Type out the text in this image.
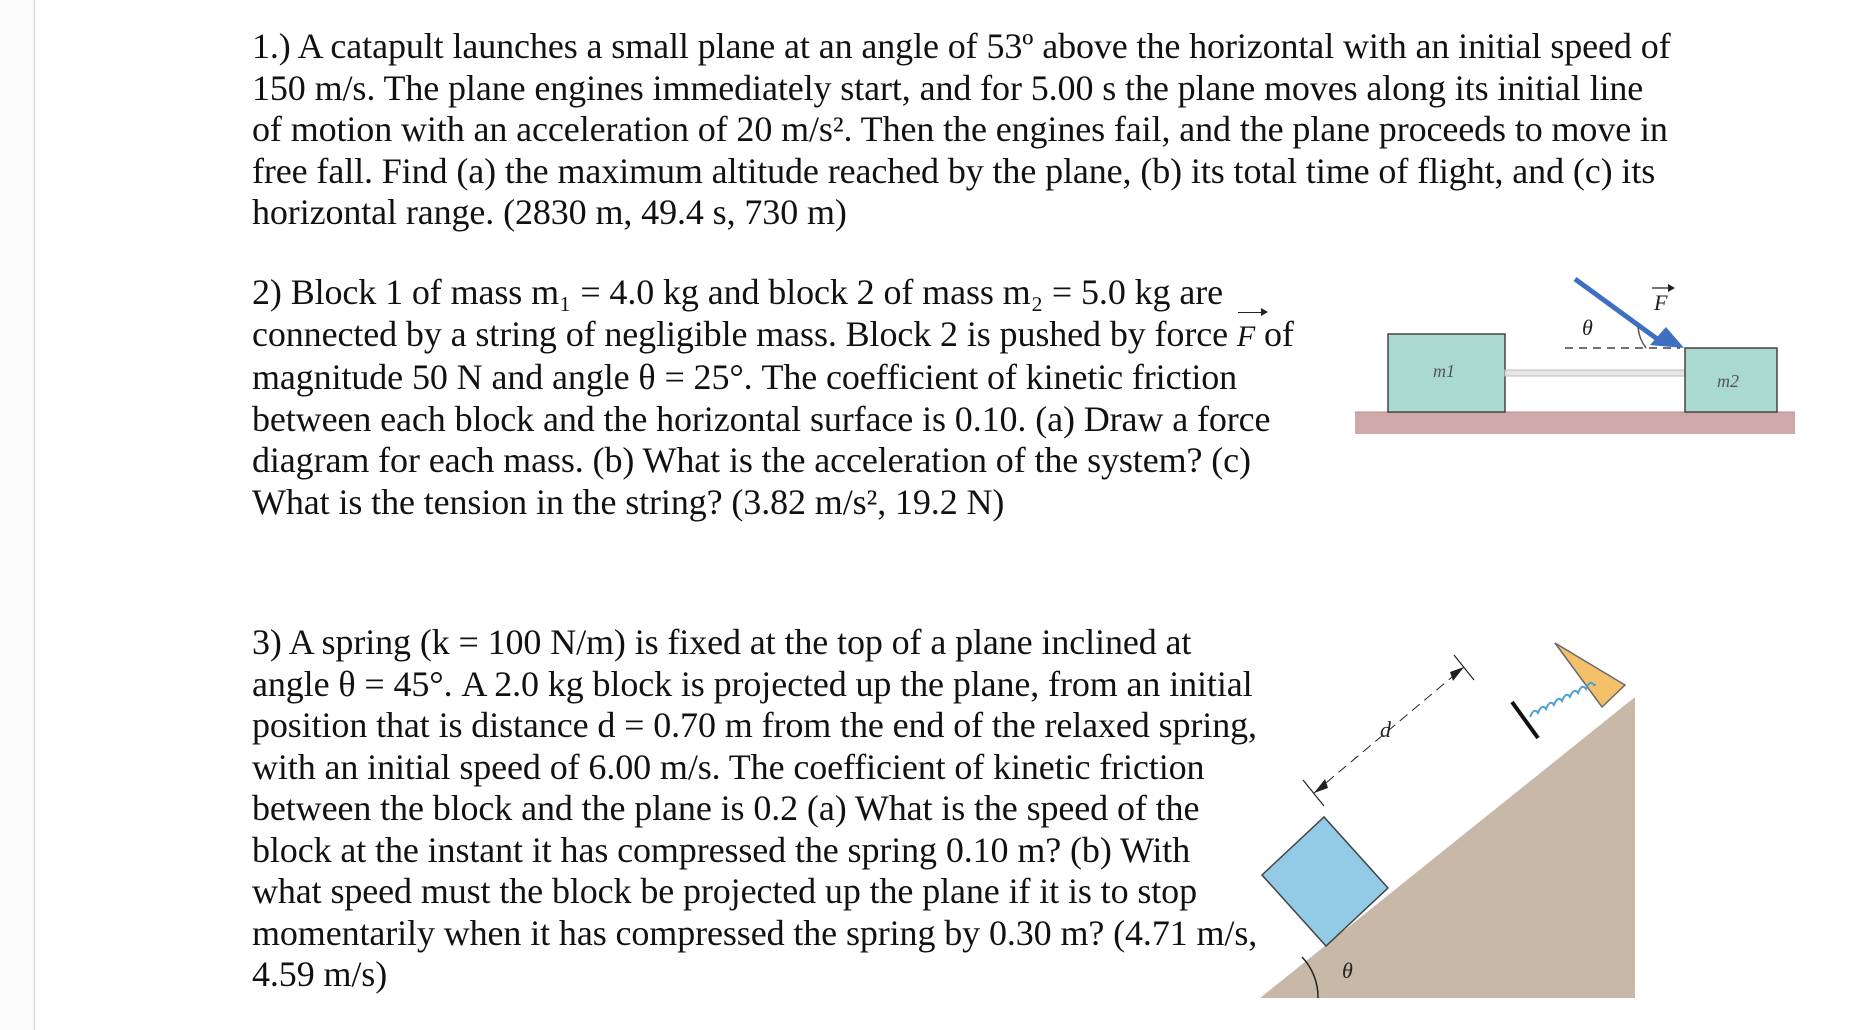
1.) A catapult launches a small plane at an angle of 53º above the horizontal with an initial speed of 150 m/s. The plane engines immediately start, and for 5.00 s the plane moves along its initial line of motion with an acceleration of 20 m/s². Then the engines fail, and the plane proceeds to move in free fall. Find (a) the maximum altitude reached by the plane, (b) its total time of flight, and (c) its horizontal range. (2830 m, 49.4 s, 730 m)

2) Block 1 of mass m₁ = 4.0 kg and block 2 of mass m₂ = 5.0 kg are connected by a string of negligible mass. Block 2 is pushed by force F of magnitude 50 N and angle θ = 25°. The coefficient of kinetic friction between each block and the horizontal surface is 0.10. (a) Draw a force diagram for each mass. (b) What is the acceleration of the system? (c) What is the tension in the string? (3.82 m/s², 19.2 N)

m1	m2
θ
F

3) A spring (k = 100 N/m) is fixed at the top of a plane inclined at angle θ = 45°. A 2.0 kg block is projected up the plane, from an initial position that is distance d = 0.70 m from the end of the relaxed spring, with an initial speed of 6.00 m/s. The coefficient of kinetic friction between the block and the plane is 0.2 (a) What is the speed of the block at the instant it has compressed the spring 0.10 m? (b) With what speed must the block be projected up the plane if it is to stop momentarily when it has compressed the spring by 0.30 m? (4.71 m/s, 4.59 m/s)

d
θ
